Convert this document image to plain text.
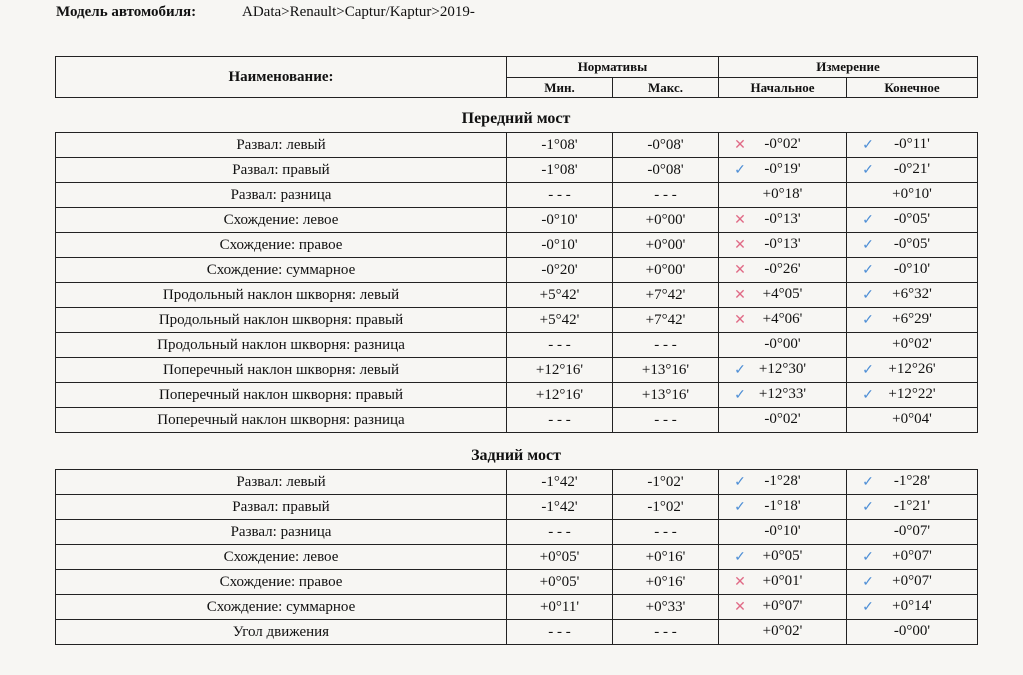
Модель автомобиля:	AData>Renault>Captur/Kaptur>2019-
Наименование:	Нормативы		Измерение	
	Мин.	Макс.	Начальное	Конечное
Передний мост
Развал: левый	-1°08'	-0°08'	✕ -0°02'	✓ -0°11'

Развал: правый	-1°08'	-0°08'	✓ -0°19'	✓ -0°21'

Развал: разница	- - -	- - -	+0°18'	+0°10'

Схождение: левое	-0°10'	+0°00'	✕ -0°13'	✓ -0°05'

Схождение: правое	-0°10'	+0°00'	✕ -0°13'	✓ -0°05'

Схождение: суммарное	-0°20'	+0°00'	✕ -0°26'	✓ -0°10'

Продольный наклон шкворня: левый	+5°42'	+7°42'	✕ +4°05'	✓ +6°32'

Продольный наклон шкворня: правый	+5°42'	+7°42'	✕ +4°06'	✓ +6°29'

Продольный наклон шкворня: разница	- - -	- - -	-0°00'	+0°02'

Поперечный наклон шкворня: левый	+12°16'	+13°16'	✓ +12°30'	✓ +12°26'

Поперечный наклон шкворня: правый	+12°16'	+13°16'	✓ +12°33'	✓ +12°22'

Поперечный наклон шкворня: разница	- - -	- - -	-0°02'	+0°04'
Задний мост
Развал: левый	-1°42'	-1°02'	✓ -1°28'	✓ -1°28'

Развал: правый	-1°42'	-1°02'	✓ -1°18'	✓ -1°21'

Развал: разница	- - -	- - -	-0°10'	-0°07'

Схождение: левое	+0°05'	+0°16'	✓ +0°05'	✓ +0°07'

Схождение: правое	+0°05'	+0°16'	✕ +0°01'	✓ +0°07'

Схождение: суммарное	+0°11'	+0°33'	✕ +0°07'	✓ +0°14'

Угол движения	- - -	- - -	+0°02'	-0°00'
